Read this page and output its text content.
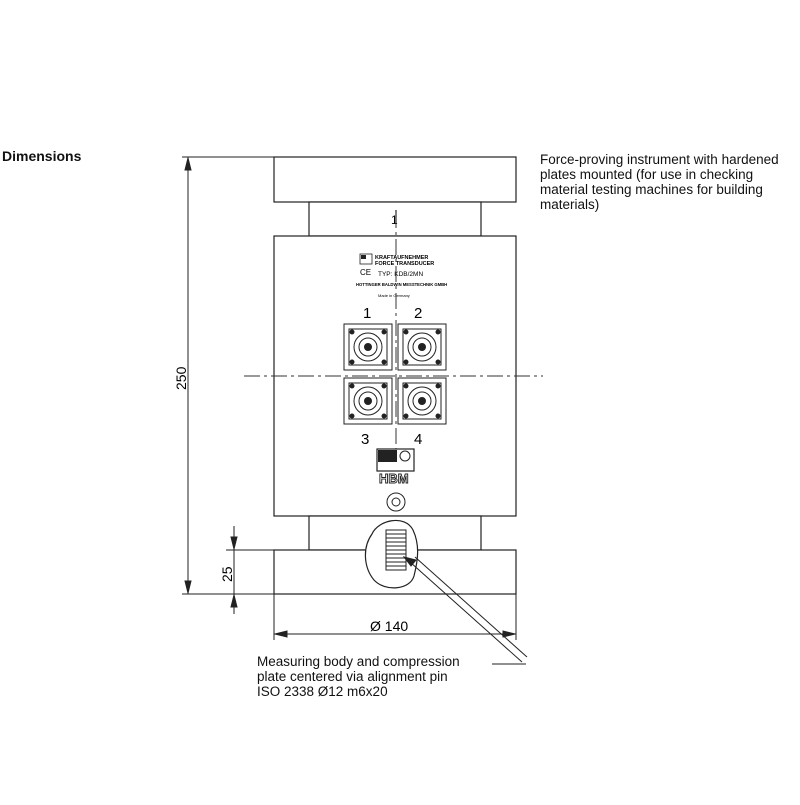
1
KRAFTAUFNEHMER
FORCE TRANSDUCER
CE TYP: KDB/2MN
HOTTINGER BALDWIN MESSTECHNIK GMBH
Made in Germany
1	2
3	4
HBM
250
25
Ø 140
Dimensions	Force-proving instrument with hardened plates mounted (for use in checking material testing machines for building materials)
Measuring body and compression
plate centered via alignment pin
ISO 2338 Ø12 m6x20
